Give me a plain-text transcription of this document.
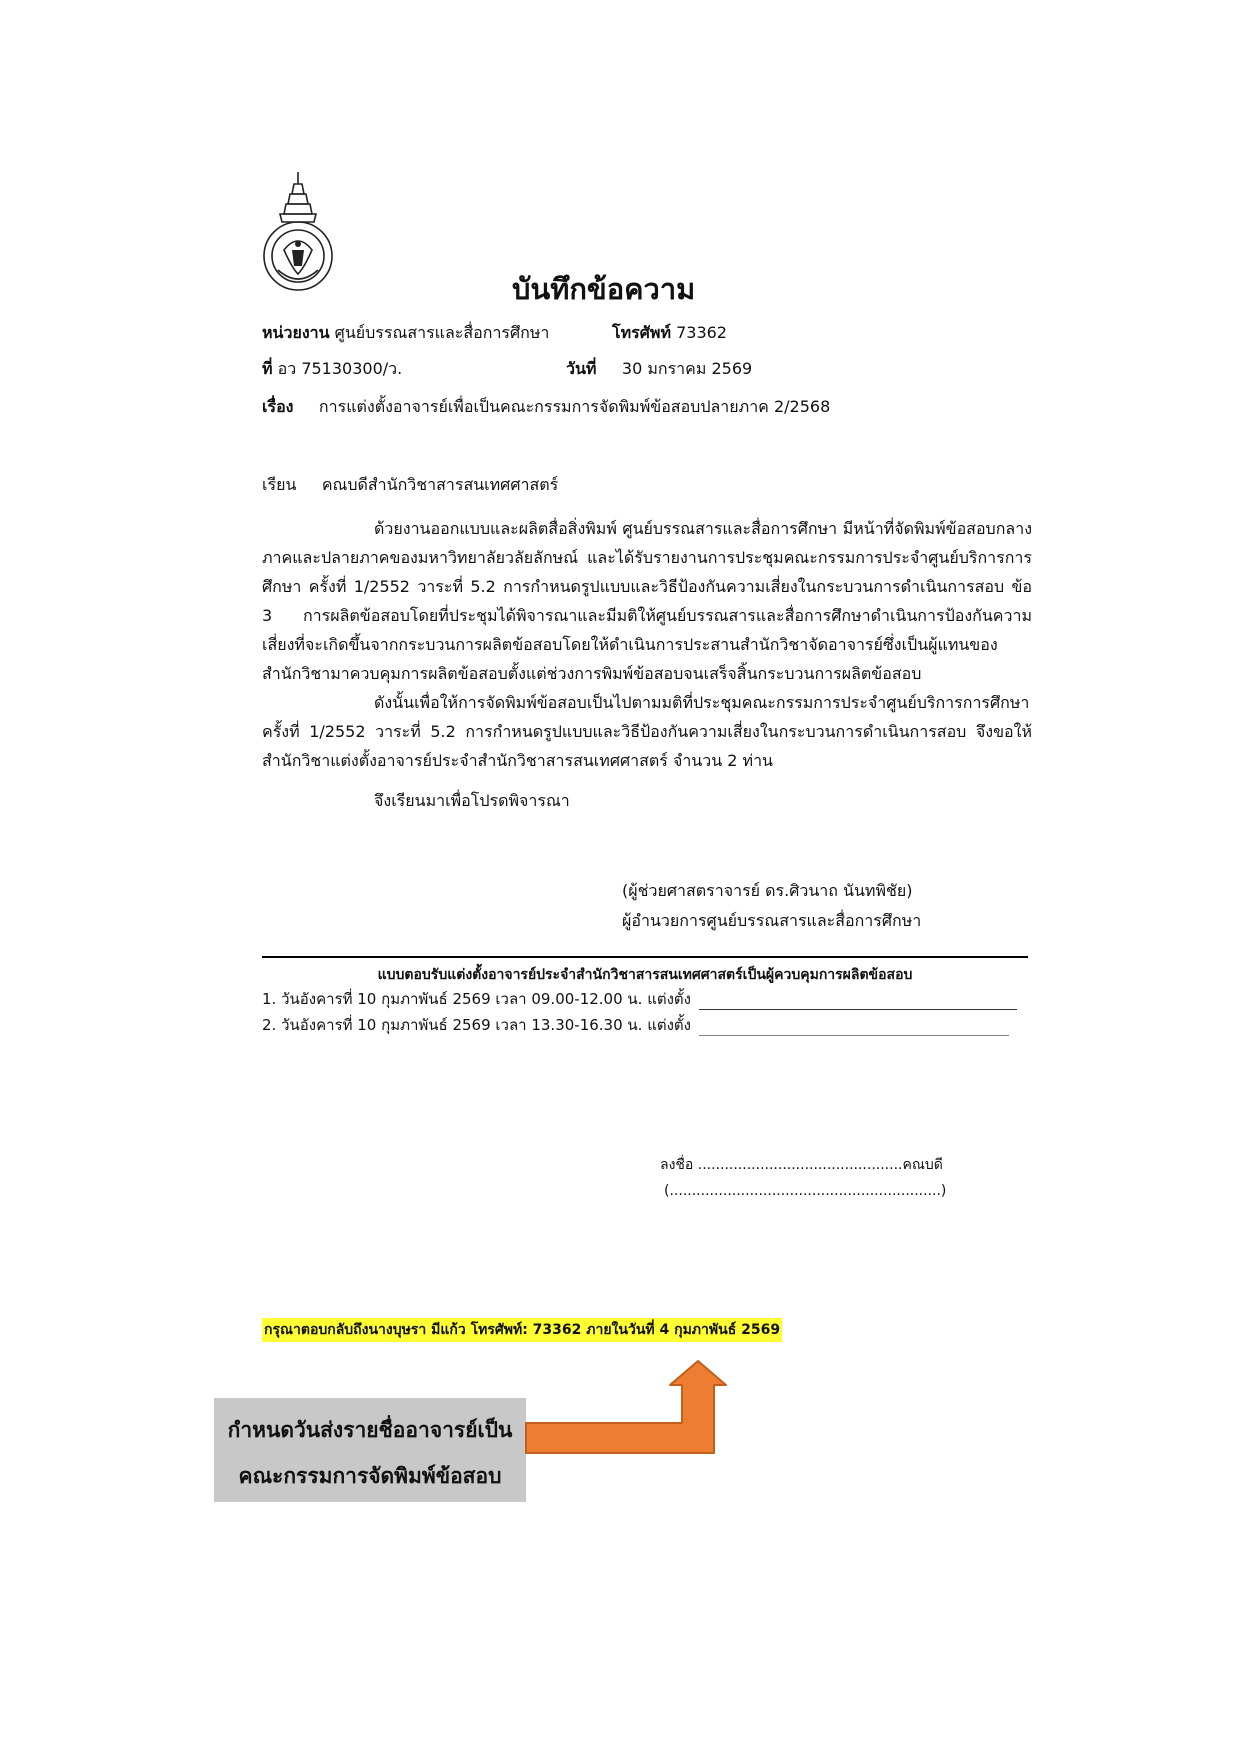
บันทึกข้อความ
หน่วยงาน ศูนย์บรรณสารและสื่อการศึกษา	โทรศัพท์ 73362
ที่ อว 75130300/ว.	วันที่ 30 มกราคม 2569
เรื่อง การแต่งตั้งอาจารย์เพื่อเป็นคณะกรรมการจัดพิมพ์ข้อสอบปลายภาค 2/2568
เรียน คณบดีสำนักวิชาสารสนเทศศาสตร์
ด้วยงานออกแบบและผลิตสื่อสิ่งพิมพ์ ศูนย์บรรณสารและสื่อการศึกษา มีหน้าที่จัดพิมพ์ข้อสอบกลางภาคและปลายภาคของมหาวิทยาลัยวลัยลักษณ์ และได้รับรายงานการประชุมคณะกรรมการประจำศูนย์บริการการศึกษา ครั้งที่ 1/2552 วาระที่ 5.2 การกำหนดรูปแบบและวิธีป้องกันความเสี่ยงในกระบวนการดำเนินการสอบ ข้อ 3 การผลิตข้อสอบโดยที่ประชุมได้พิจารณาและมีมติให้ศูนย์บรรณสารและสื่อการศึกษาดำเนินการป้องกันความเสี่ยงที่จะเกิดขึ้นจากกระบวนการผลิตข้อสอบโดยให้ดำเนินการประสานสำนักวิชาจัดอาจารย์ซึ่งเป็นผู้แทนของสำนักวิชามาควบคุมการผลิตข้อสอบตั้งแต่ช่วงการพิมพ์ข้อสอบจนเสร็จสิ้นกระบวนการผลิตข้อสอบ
ดังนั้นเพื่อให้การจัดพิมพ์ข้อสอบเป็นไปตามมติที่ประชุมคณะกรรมการประจำศูนย์บริการการศึกษา ครั้งที่ 1/2552 วาระที่ 5.2 การกำหนดรูปแบบและวิธีป้องกันความเสี่ยงในกระบวนการดำเนินการสอบ จึงขอให้สำนักวิชาแต่งตั้งอาจารย์ประจำสำนักวิชาสารสนเทศศาสตร์ จำนวน 2 ท่าน
จึงเรียนมาเพื่อโปรดพิจารณา
(ผู้ช่วยศาสตราจารย์ ดร.ศิวนาถ นันทพิชัย)
ผู้อำนวยการศูนย์บรรณสารและสื่อการศึกษา
แบบตอบรับแต่งตั้งอาจารย์ประจำสำนักวิชาสารสนเทศศาสตร์เป็นผู้ควบคุมการผลิตข้อสอบ
1. วันอังคารที่ 10 กุมภาพันธ์ 2569 เวลา 09.00-12.00 น. แต่งตั้ง
2. วันอังคารที่ 10 กุมภาพันธ์ 2569 เวลา 13.30-16.30 น. แต่งตั้ง
ลงชื่อ ..............................................คณบดี
(.............................................................)
กรุณาตอบกลับถึงนางบุษรา มีแก้ว โทรศัพท์: 73362 ภายในวันที่ 4 กุมภาพันธ์ 2569
กำหนดวันส่งรายชื่ออาจารย์เป็น
คณะกรรมการจัดพิมพ์ข้อสอบ
